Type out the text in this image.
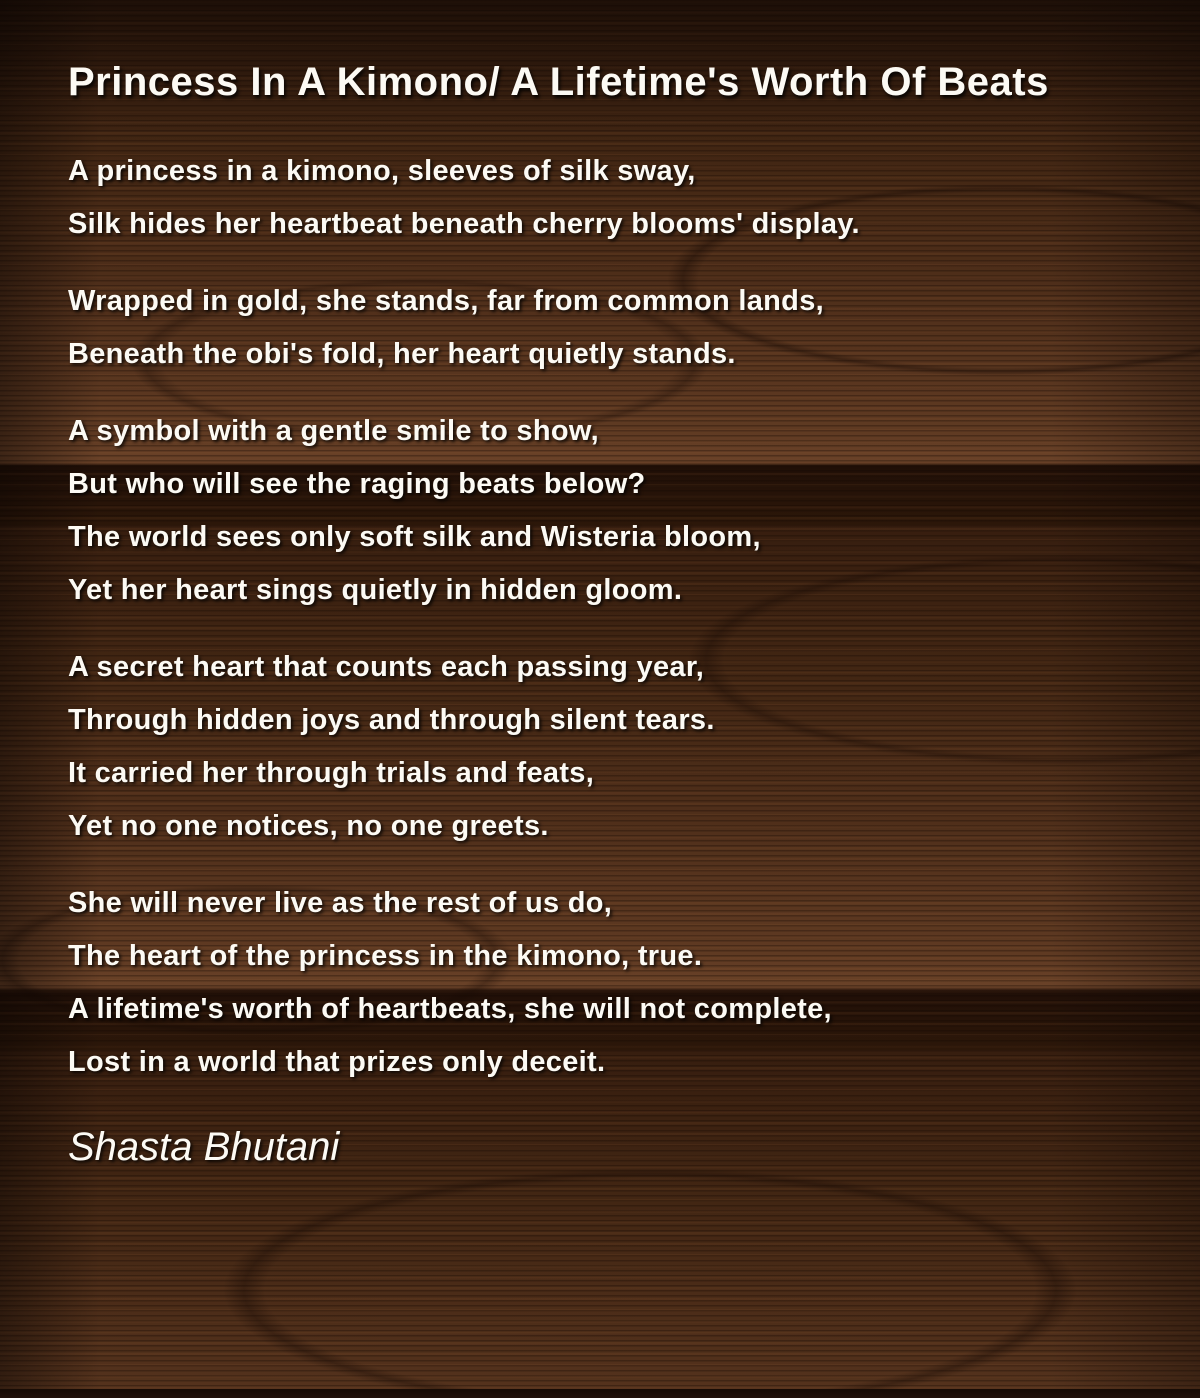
Princess In A Kimono/ A Lifetime's Worth Of Beats

A princess in a kimono, sleeves of silk sway,

Silk hides her heartbeat beneath cherry blooms' display.

Wrapped in gold, she stands, far from common lands,

Beneath the obi's fold, her heart quietly stands.

A symbol with a gentle smile to show,

But who will see the raging beats below?

The world sees only soft silk and Wisteria bloom,

Yet her heart sings quietly in hidden gloom.

A secret heart that counts each passing year,

Through hidden joys and through silent tears.

It carried her through trials and feats,

Yet no one notices, no one greets.

She will never live as the rest of us do,

The heart of the princess in the kimono, true.

A lifetime's worth of heartbeats, she will not complete,

Lost in a world that prizes only deceit.

Shasta Bhutani
